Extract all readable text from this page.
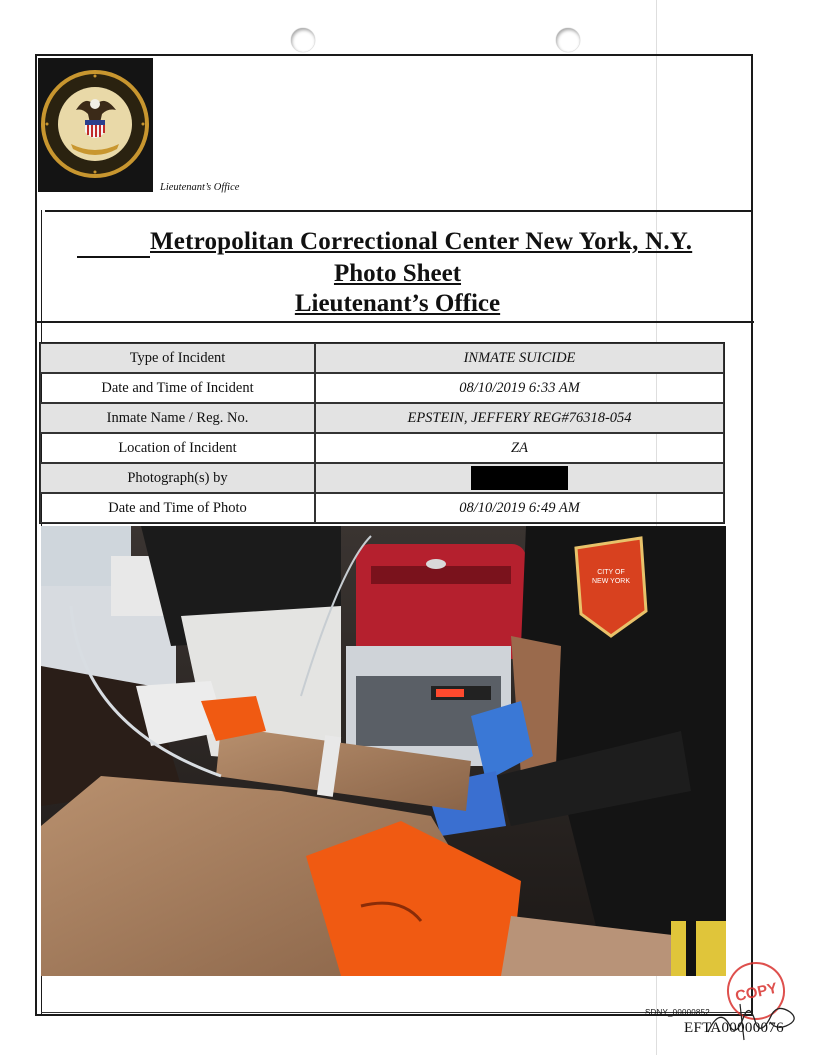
Lieutenant’s Office
Metropolitan Correctional Center New York, N.Y.
Photo Sheet
Lieutenant’s Office
Type of Incident	INMATE SUICIDE
Date and Time of Incident	08/10/2019 6:33 AM
Inmate Name / Reg. No.	EPSTEIN, JEFFERY REG#76318-054
Location of Incident	ZA
Photograph(s) by	
Date and Time of Photo	08/10/2019 6:49 AM
CITY OF
NEW YORK
SDNY_00000852
EFTA00000076
COPY
